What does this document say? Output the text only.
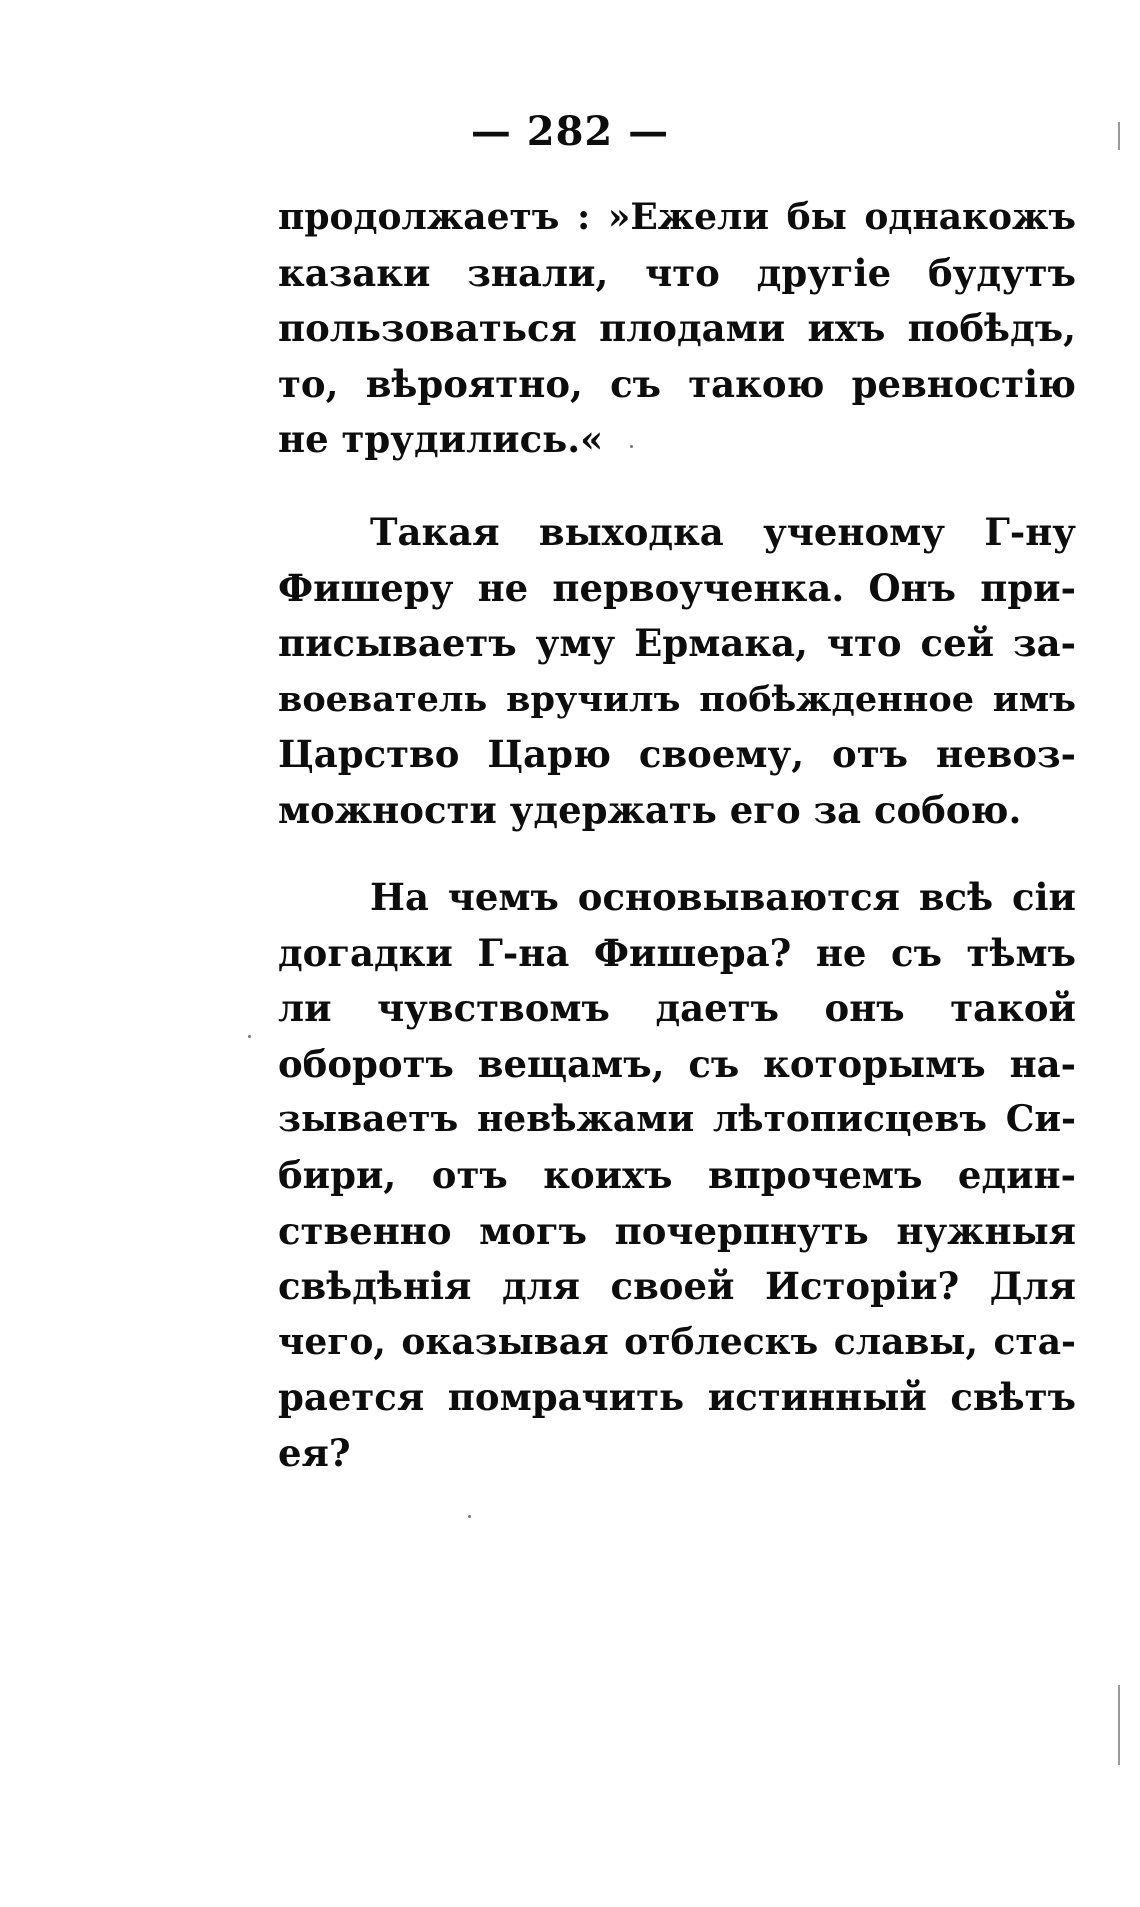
— 282 —
продолжаетъ : »Ежели бы однакожъ
казаки знали, что другіе будутъ
пользоваться плодами ихъ побѣдъ,
то, вѣроятно, съ такою ревностію
не трудились.«
Такая выходка ученому Г-ну
Фишеру не первоученка. Онъ при-
писываетъ уму Ермака, что сей за-
воеватель вручилъ побѣжденное имъ
Царство Царю своему, отъ невоз-
можности удержать его за собою.
На чемъ основываются всѣ сіи
догадки Г-на Фишера? не съ тѣмъ
ли чувствомъ даетъ онъ такой
оборотъ вещамъ, съ которымъ на-
зываетъ невѣжами лѣтописцевъ Си-
бири, отъ коихъ впрочемъ един-
ственно могъ почерпнуть нужныя
свѣдѣнія для своей Исторіи? Для
чего, оказывая отблескъ славы, ста-
рается помрачить истинный свѣтъ
ея?
